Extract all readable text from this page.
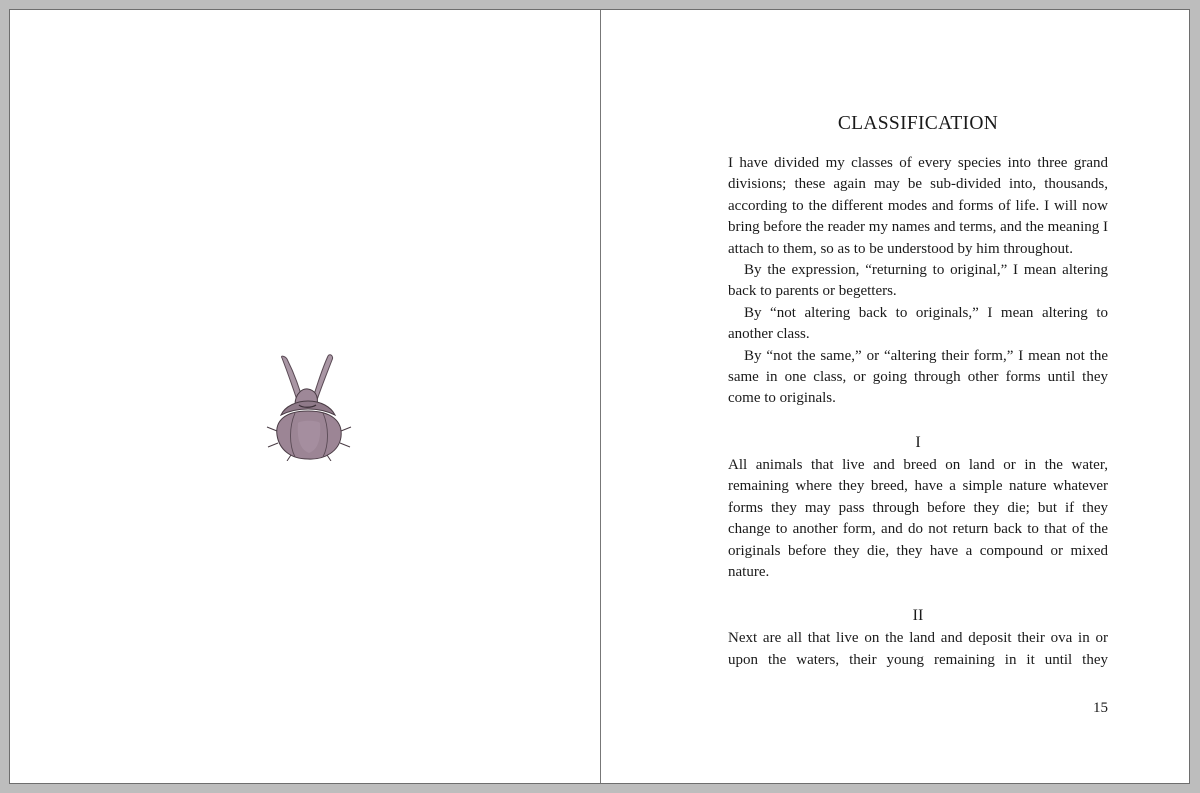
CLASSIFICATION

I have divided my classes of every species into three grand divisions; these again may be sub-divided into, thousands, according to the different modes and forms of life. I will now bring before the reader my names and terms, and the meaning I attach to them, so as to be understood by him throughout.

By the expression, “returning to original,” I mean altering back to parents or begetters.

By “not altering back to originals,” I mean altering to another class.

By “not the same,” or “altering their form,” I mean not the same in one class, or going through other forms until they come to originals.

I

All animals that live and breed on land or in the water, remaining where they breed, have a simple nature whatever forms they may pass through before they die; but if they change to another form, and do not return back to that of the originals before they die, they have a compound or mixed nature.

II

Next are all that live on the land and deposit their ova in or upon the waters, their young remaining in it until they

15
